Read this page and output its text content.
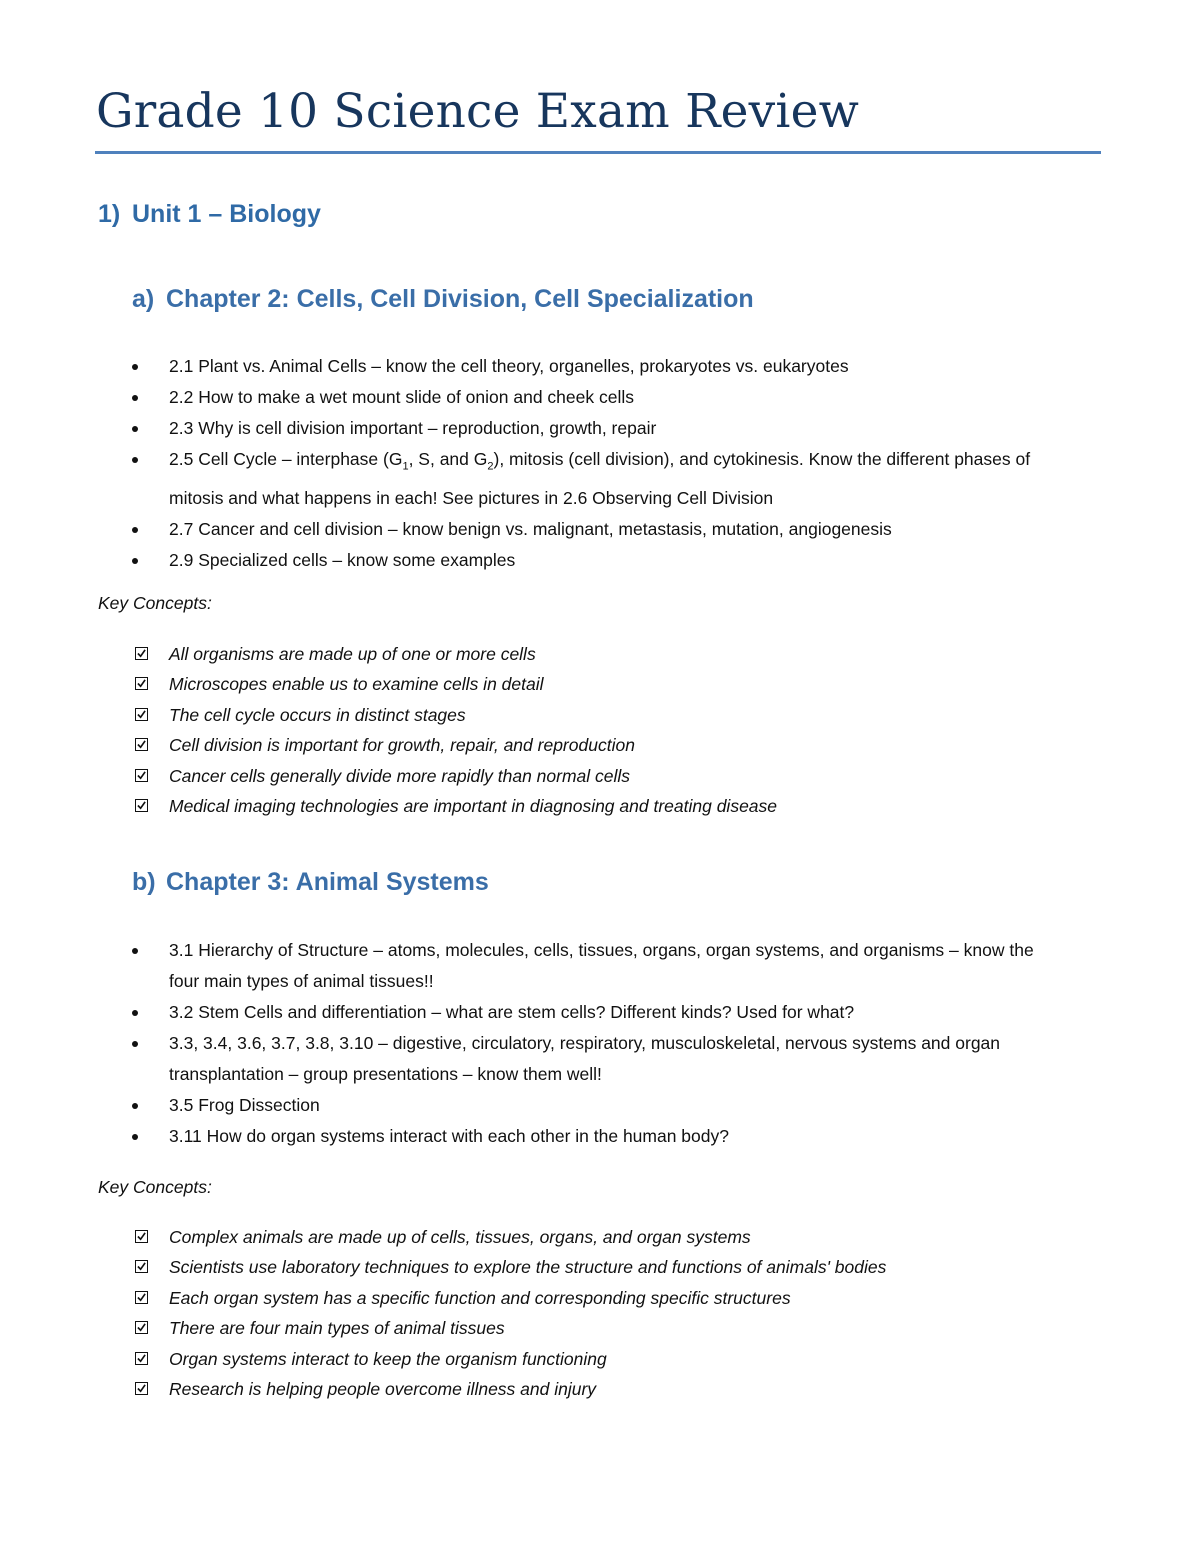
Grade 10 Science Exam Review
1) Unit 1 – Biology
a) Chapter 2: Cells, Cell Division, Cell Specialization
2.1 Plant vs. Animal Cells – know the cell theory, organelles, prokaryotes vs. eukaryotes
2.2 How to make a wet mount slide of onion and cheek cells
2.3 Why is cell division important – reproduction, growth, repair
2.5 Cell Cycle – interphase ($G_1$, S, and $G_2$), mitosis (cell division), and cytokinesis. Know the different phases of mitosis and what happens in each! See pictures in 2.6 Observing Cell Division
2.7 Cancer and cell division – know benign vs. malignant, metastasis, mutation, angiogenesis
2.9 Specialized cells – know some examples

Key Concepts:

All organisms are made up of one or more cells
Microscopes enable us to examine cells in detail
The cell cycle occurs in distinct stages
Cell division is important for growth, repair, and reproduction
Cancer cells generally divide more rapidly than normal cells
Medical imaging technologies are important in diagnosing and treating disease
b) Chapter 3: Animal Systems
3.1 Hierarchy of Structure – atoms, molecules, cells, tissues, organs, organ systems, and organisms – know the four main types of animal tissues!!
3.2 Stem Cells and differentiation – what are stem cells? Different kinds? Used for what?
3.3, 3.4, 3.6, 3.7, 3.8, 3.10 – digestive, circulatory, respiratory, musculoskeletal, nervous systems and organ transplantation – group presentations – know them well!
3.5 Frog Dissection
3.11 How do organ systems interact with each other in the human body?

Key Concepts:

Complex animals are made up of cells, tissues, organs, and organ systems
Scientists use laboratory techniques to explore the structure and functions of animals' bodies
Each organ system has a specific function and corresponding specific structures
There are four main types of animal tissues
Organ systems interact to keep the organism functioning
Research is helping people overcome illness and injury
